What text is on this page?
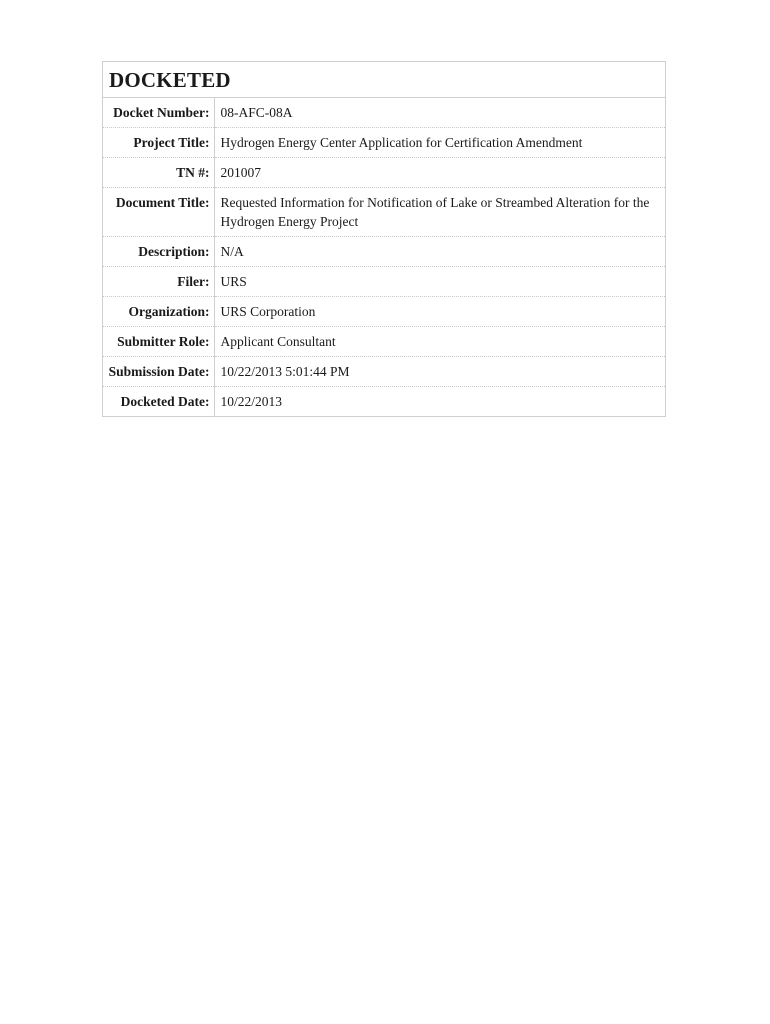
DOCKETED
Docket Number:	08-AFC-08A

Project Title:	Hydrogen Energy Center Application for Certification Amendment

TN #:	201007

Document Title:	Requested Information for Notification of Lake or Streambed Alteration for the Hydrogen Energy Project

Description:	N/A

Filer:	URS

Organization:	URS Corporation

Submitter Role:	Applicant Consultant

Submission Date:	10/22/2013 5:01:44 PM

Docketed Date:	10/22/2013
